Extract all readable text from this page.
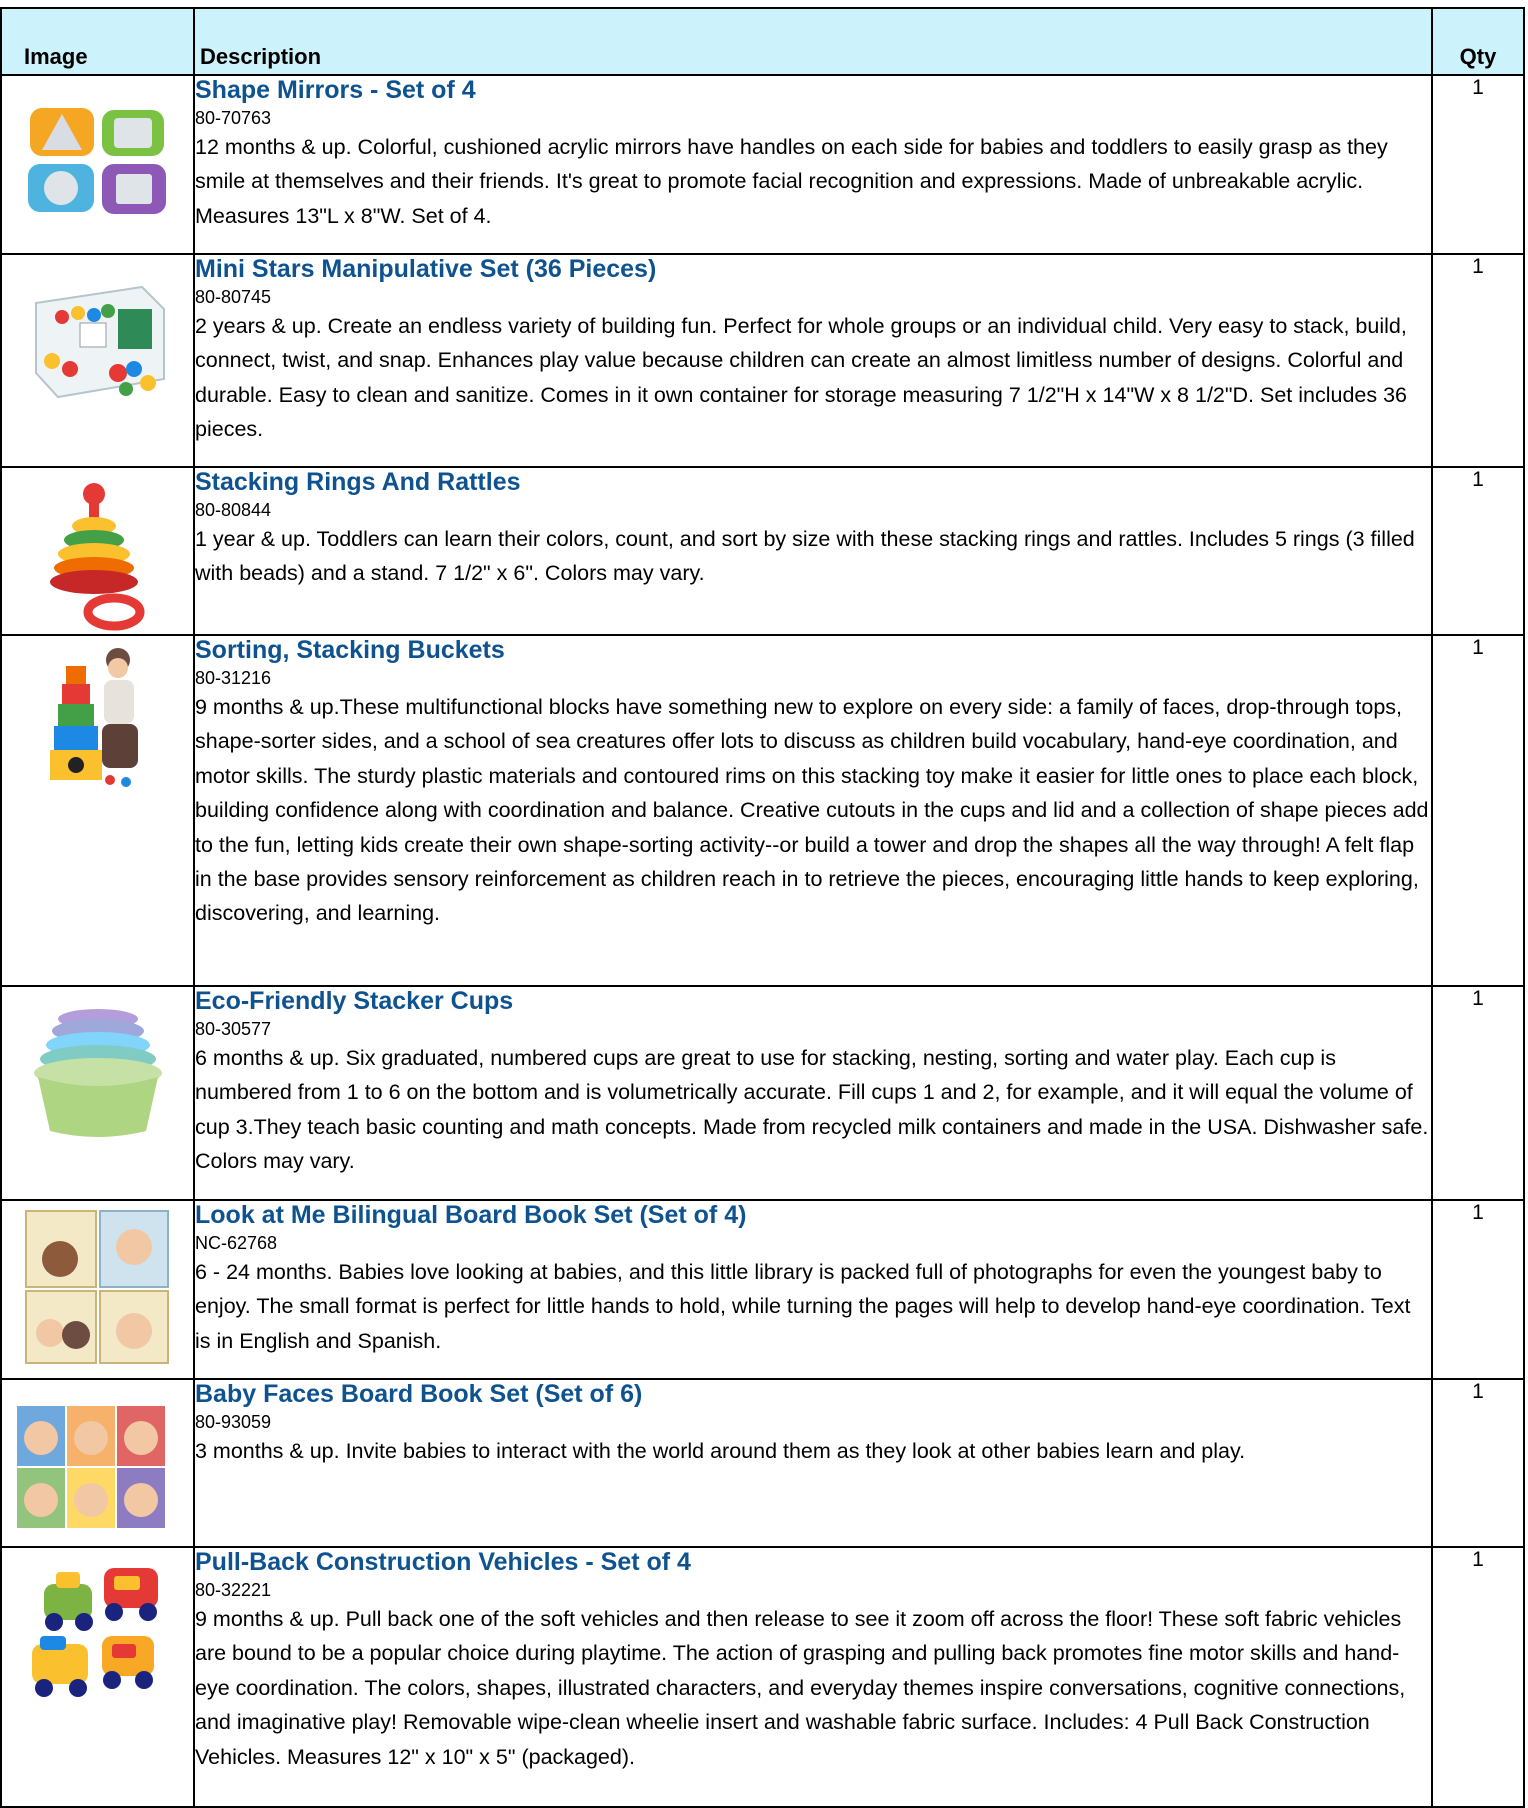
Image	Description	Qty

Shape Mirrors - Set of 4
80-70763
12 months & up. Colorful, cushioned acrylic mirrors have handles on each side for babies and toddlers to easily grasp as they smile at themselves and their friends. It's great to promote facial recognition and expressions. Made of unbreakable acrylic. Measures 13"L x 8"W. Set of 4.	1

Mini Stars Manipulative Set (36 Pieces)
80-80745
2 years & up. Create an endless variety of building fun. Perfect for whole groups or an individual child. Very easy to stack, build, connect, twist, and snap. Enhances play value because children can create an almost limitless number of designs. Colorful and durable. Easy to clean and sanitize. Comes in it own container for storage measuring 7 1/2"H x 14"W x 8 1/2"D. Set includes 36 pieces.	1

Stacking Rings And Rattles
80-80844
1 year & up. Toddlers can learn their colors, count, and sort by size with these stacking rings and rattles. Includes 5 rings (3 filled with beads) and a stand. 7 1/2" x 6". Colors may vary.	1

Sorting, Stacking Buckets
80-31216
9 months & up.These multifunctional blocks have something new to explore on every side: a family of faces, drop-through tops, shape-sorter sides, and a school of sea creatures offer lots to discuss as children build vocabulary, hand-eye coordination, and motor skills. The sturdy plastic materials and contoured rims on this stacking toy make it easier for little ones to place each block, building confidence along with coordination and balance. Creative cutouts in the cups and lid and a collection of shape pieces add to the fun, letting kids create their own shape-sorting activity--or build a tower and drop the shapes all the way through! A felt flap in the base provides sensory reinforcement as children reach in to retrieve the pieces, encouraging little hands to keep exploring, discovering, and learning.	1

Eco-Friendly Stacker Cups
80-30577
6 months & up. Six graduated, numbered cups are great to use for stacking, nesting, sorting and water play. Each cup is numbered from 1 to 6 on the bottom and is volumetrically accurate. Fill cups 1 and 2, for example, and it will equal the volume of cup 3.They teach basic counting and math concepts. Made from recycled milk containers and made in the USA. Dishwasher safe. Colors may vary.	1

Look at Me Bilingual Board Book Set (Set of 4)
NC-62768
6 - 24 months. Babies love looking at babies, and this little library is packed full of photographs for even the youngest baby to enjoy. The small format is perfect for little hands to hold, while turning the pages will help to develop hand-eye coordination. Text is in English and Spanish.	1

Baby Faces Board Book Set (Set of 6)
80-93059
3 months & up. Invite babies to interact with the world around them as they look at other babies learn and play.	1

Pull-Back Construction Vehicles - Set of 4
80-32221
9 months & up. Pull back one of the soft vehicles and then release to see it zoom off across the floor! These soft fabric vehicles are bound to be a popular choice during playtime. The action of grasping and pulling back promotes fine motor skills and hand-eye coordination. The colors, shapes, illustrated characters, and everyday themes inspire conversations, cognitive connections, and imaginative play! Removable wipe-clean wheelie insert and washable fabric surface. Includes: 4 Pull Back Construction Vehicles. Measures 12" x 10" x 5" (packaged).	1
